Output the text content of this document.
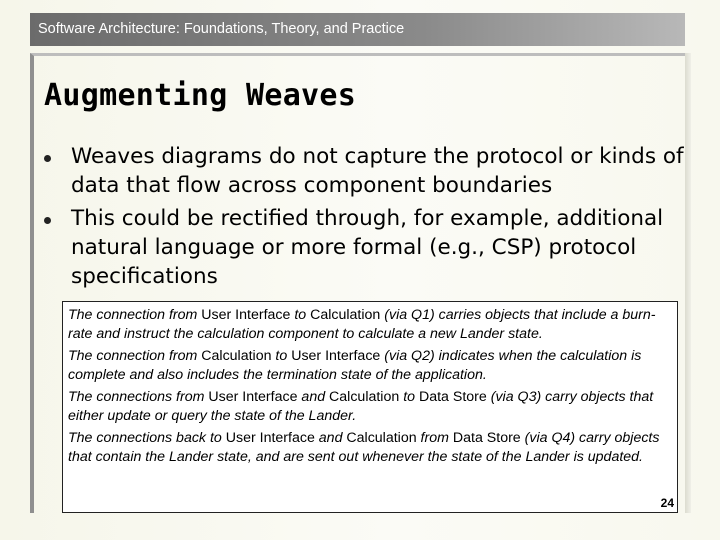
Software Architecture: Foundations, Theory, and Practice
Augmenting Weaves
Weaves diagrams do not capture the protocol or kinds of data that flow across component boundaries
This could be rectified through, for example, additional natural language or more formal (e.g., CSP) protocol specifications

The connection from User Interface to Calculation (via Q1) carries objects that include a burn-rate and instruct the calculation component to calculate a new Lander state.

The connection from Calculation to User Interface (via Q2) indicates when the calculation is complete and also includes the termination state of the application.

The connections from User Interface and Calculation to Data Store (via Q3) carry objects that either update or query the state of the Lander.

The connections back to User Interface and Calculation from Data Store (via Q4) carry objects that contain the Lander state, and are sent out whenever the state of the Lander is updated.

24
